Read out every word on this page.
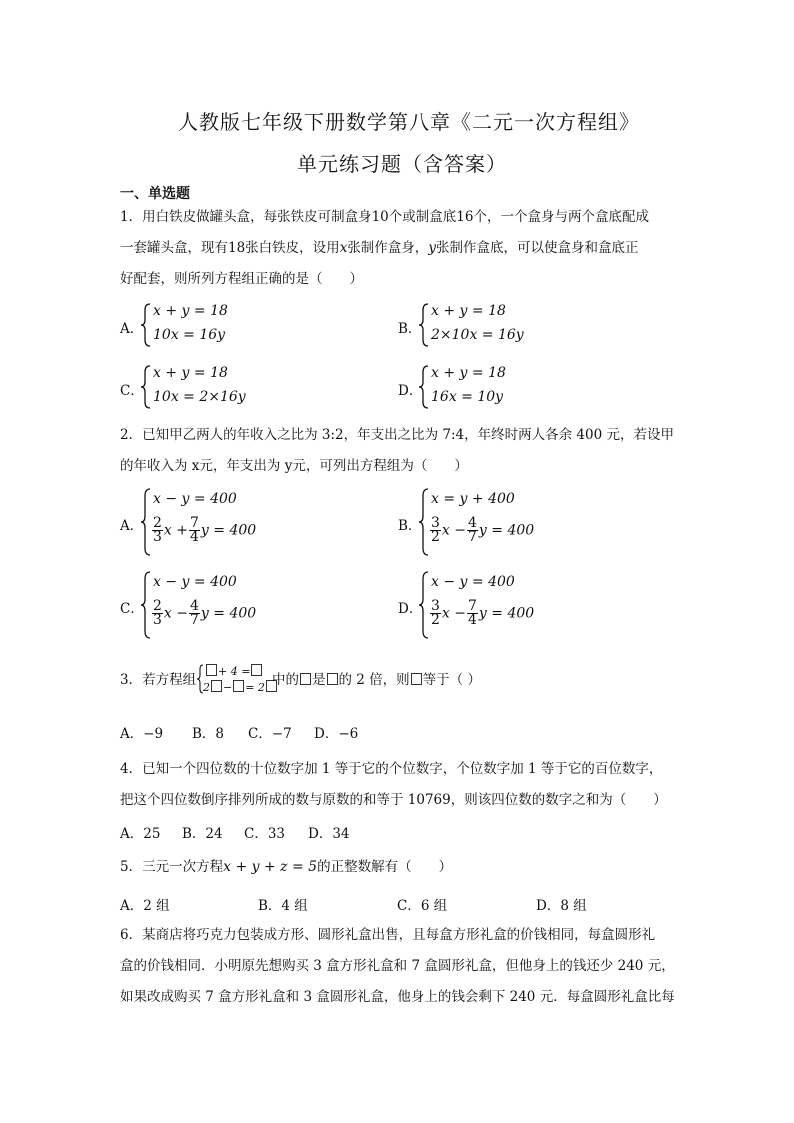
人教版七年级下册数学第八章《二元一次方程组》
单元练习题（含答案）
一、单选题
1．用白铁皮做罐头盒，每张铁皮可制盒身10个或制盒底16个，一个盒身与两个盒底配成
一套罐头盒，现有18张白铁皮，设用x张制作盒身，y张制作盒底，可以使盒身和盒底正
好配套，则所列方程组正确的是（　　）
A．
x + y = 18
10x = 16y	B．
x + y = 18
2×10x = 16y
C．
x + y = 18
10x = 2×16y	D．
x + y = 18
16x = 10y
2．已知甲乙两人的年收入之比为 3:2，年支出之比为 7:4，年终时两人各余 400 元，若设甲
的年收入为 x元，年支出为 y元，可列出方程组为（　　）
A．
x − y = 400
$\frac{2}{3}$ $x + \frac{7}{4}$ y = 400	B．
x = y + 400
$\frac{3}{2}$ $x - \frac{4}{7}$ y = 400
C．
x − y = 400
$\frac{2}{3}$ $x - \frac{4}{7}$ y = 400	D．
x − y = 400
$\frac{3}{2}$ $x - \frac{7}{4}$ y = 400
3．若方程组
+ 4 =
2 − = 2 中的 是 的 2 倍，则 等于（ ）
A．−9 B．8 C．−7 D．−6
4．已知一个四位数的十位数字加 1 等于它的个位数字，个位数字加 1 等于它的百位数字，
把这个四位数倒序排列所成的数与原数的和等于 10769，则该四位数的数字之和为（　　）
A．25 B．24 C．33 D．34
5．三元一次方程x + y + z = 5的正整数解有（　　）
A．2 组	B．4 组	C．6 组	D．8 组
6．某商店将巧克力包装成方形、圆形礼盒出售，且每盒方形礼盒的价钱相同，每盒圆形礼
盒的价钱相同．小明原先想购买 3 盒方形礼盒和 7 盒圆形礼盒，但他身上的钱还少 240 元，
如果改成购买 7 盒方形礼盒和 3 盒圆形礼盒，他身上的钱会剩下 240 元．每盒圆形礼盒比每
